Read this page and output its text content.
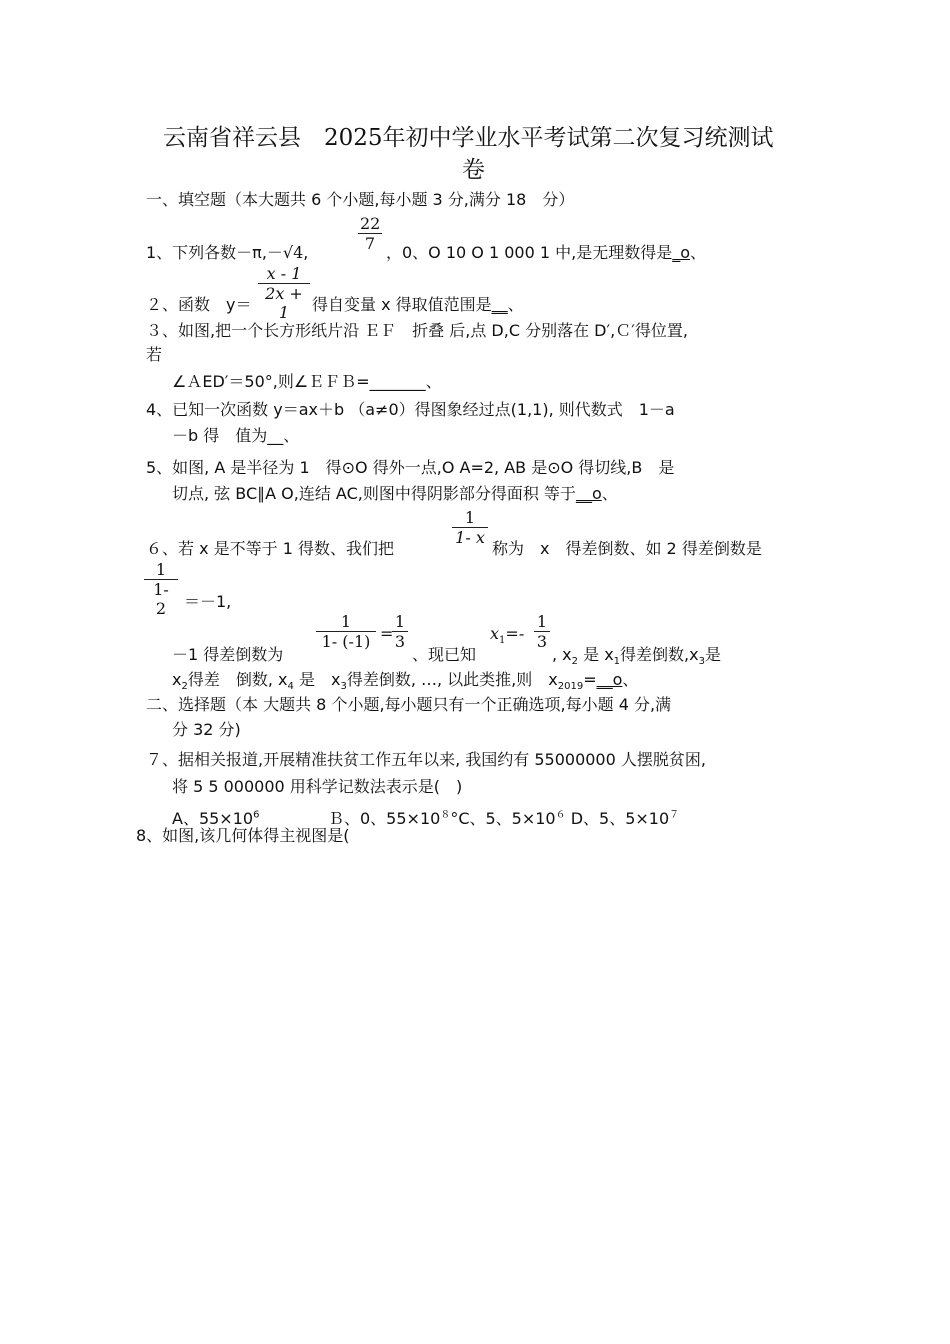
云南省祥云县　2025年初中学业水平考试第二次复习统测试
卷
一、填空题（本大题共 6 个小题,每小题 3 分,满分 18　分）
1、下列各数－π,－√4,
22
7 ，0、O 10 O 1 000 1 中,是无理数得是_o、
x - 1
2x + 1
２、函数　y＝	得自变量 x 得取值范围是__、
３、如图,把一个长方形纸片沿 ＥＦ　折叠 后,点 D,C 分别落在 D′,Ｃ′得位置,
若
∠ＡED′＝50°,则∠ＥＦＢ=_______、
4、已知一次函数 y＝ax＋b （a≠0）得图象经过点(1,1), 则代数式　1－a
－b 得　值为__、
5、如图, A 是半径为 1　得⊙O 得外一点,O A=2, AB 是⊙O 得切线,B　是
切点, 弦 BC∥A O,连结 AC,则图中得阴影部分得面积 等于__o、
1
1- x
６、若 x 是不等于 1 得数、我们把	称为　x　得差倒数、如 2 得差倒数是
1
1- 2	＝－1,
－1 得差倒数为
1
1- (-1) =
1
3
、现已知
$x_1=-$
1
3
, $x_2$ 是 $x_1$得差倒数$,x_3$是
$x_2$得差　倒数, $x_4$ 是　$x_3$得差倒数, …, 以此类推,则　$x_{2019}=\_\_o$、
二、选择题（本 大题共 8 个小题,每小题只有一个正确选项,每小题 4 分,满
分 32 分)
７、据相关报道,开展精准扶贫工作五年以来, 我国约有 55000000 人摆脱贫困,
将 5 5 000000 用科学记数法表示是(　)
A、$55\times 10^6$	Ｂ、0、$55\times 10^8^\circ C$、5、$5\times 10^6$ D、5、$5\times 10^7$
8、如图,该几何体得主视图是(
